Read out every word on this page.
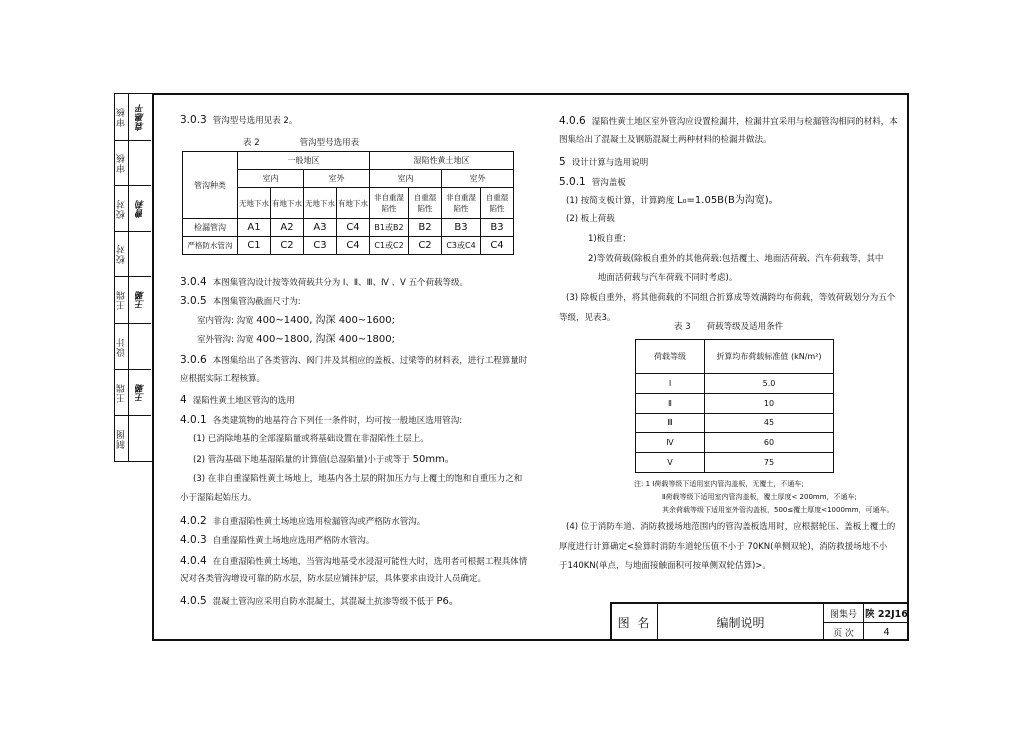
审核 袁惠平
审核
校对 曹莉
校对
王瑞 王璐
设计
王瑞 王璐
制图
3.0.3 管沟型号选用见表 2。
表 2	管沟型号选用表
管沟种类	一般地区				湿陷性黄土地区			
	室内		室外		室内		室外	
	无地下水	有地下水	无地下水	有地下水	非自重湿陷性	自重湿陷性	非自重湿陷性	自重湿陷性
检漏管沟	A1	A2	A3	C4	B1或B2	B2	B3	B3
严格防水管沟	C1	C2	C3	C4	C1或C2	C2	C3或C4	C4
3.0.4 本图集管沟设计按等效荷载共分为 Ⅰ、Ⅱ、Ⅲ、Ⅳ 、Ⅴ 五个荷载等级。
3.0.5 本图集管沟截面尺寸为:
室内管沟: 沟宽 400~1400, 沟深 400~1600;
室外管沟: 沟宽 400~1800, 沟深 400~1800;
3.0.6 本图集给出了各类管沟、阀门井及其相应的盖板、过梁等的材料表，进行工程算量时
应根据实际工程核算。
4 湿陷性黄土地区管沟的选用
4.0.1 各类建筑物的地基符合下列任一条件时，均可按一般地区选用管沟:
(1) 已消除地基的全部湿陷量或将基础设置在非湿陷性土层上。
(2) 管沟基础下地基湿陷量的计算值(总湿陷量)小于或等于 50mm。
(3) 在非自重湿陷性黄土场地上，地基内各土层的附加压力与上覆土的饱和自重压力之和
小于湿陷起始压力。
4.0.2 非自重湿陷性黄土场地应选用检漏管沟或严格防水管沟。
4.0.3 自重湿陷性黄土场地应选用严格防水管沟。
4.0.4 在自重湿陷性黄土场地，当管沟地基受水浸湿可能性大时，选用者可根据工程具体情
况对各类管沟增设可靠的防水层，防水层应铺抹护层，具体要求由设计人员确定。
4.0.5 混凝土管沟应采用自防水混凝土，其混凝土抗渗等级不低于 P6。
4.0.6 湿陷性黄土地区室外管沟应设置检漏井，检漏井宜采用与检漏管沟相同的材料，本
图集给出了混凝土及钢筋混凝土两种材料的检漏井做法。
5 设计计算与选用说明
5.0.1 管沟盖板
(1) 按简支板计算，计算跨度 L₀=1.05B(B为沟宽)。
(2) 板上荷载
1)板自重；
2)等效荷载(除板自重外的其他荷载:包括覆土、地面活荷载、汽车荷载等，其中
地面活荷载与汽车荷载不同时考虑)。
(3) 除板自重外，将其他荷载的不同组合折算成等效满跨均布荷载，等效荷载划分为五个
等级，见表3。
表 3 荷载等级及适用条件
荷载等级	折算均布荷载标准值 (kN/m²)
Ⅰ	5.0
Ⅱ	10
Ⅲ	45
Ⅳ	60
Ⅴ	75
注: 1 Ⅰ荷载等级下适用室内管沟盖板，无覆土，不通车;
Ⅱ荷载等级下适用室内管沟盖板，覆土厚度< 200mm，不通车;
其余荷载等级下适用室外管沟盖板，500≤覆土厚度<1000mm，可通车。
(4) 位于消防车道、消防救援场地范围内的管沟盖板选用时，应根据轮压、盖板上覆土的
厚度进行计算确定<验算时消防车道轮压值不小于 70KN(单侧双轮)，消防救援场地不小
于140KN(单点，与地面接触面积可按单侧双轮估算)>。
图 名	编制说明
图集号 陕 22J16
页 次	4
